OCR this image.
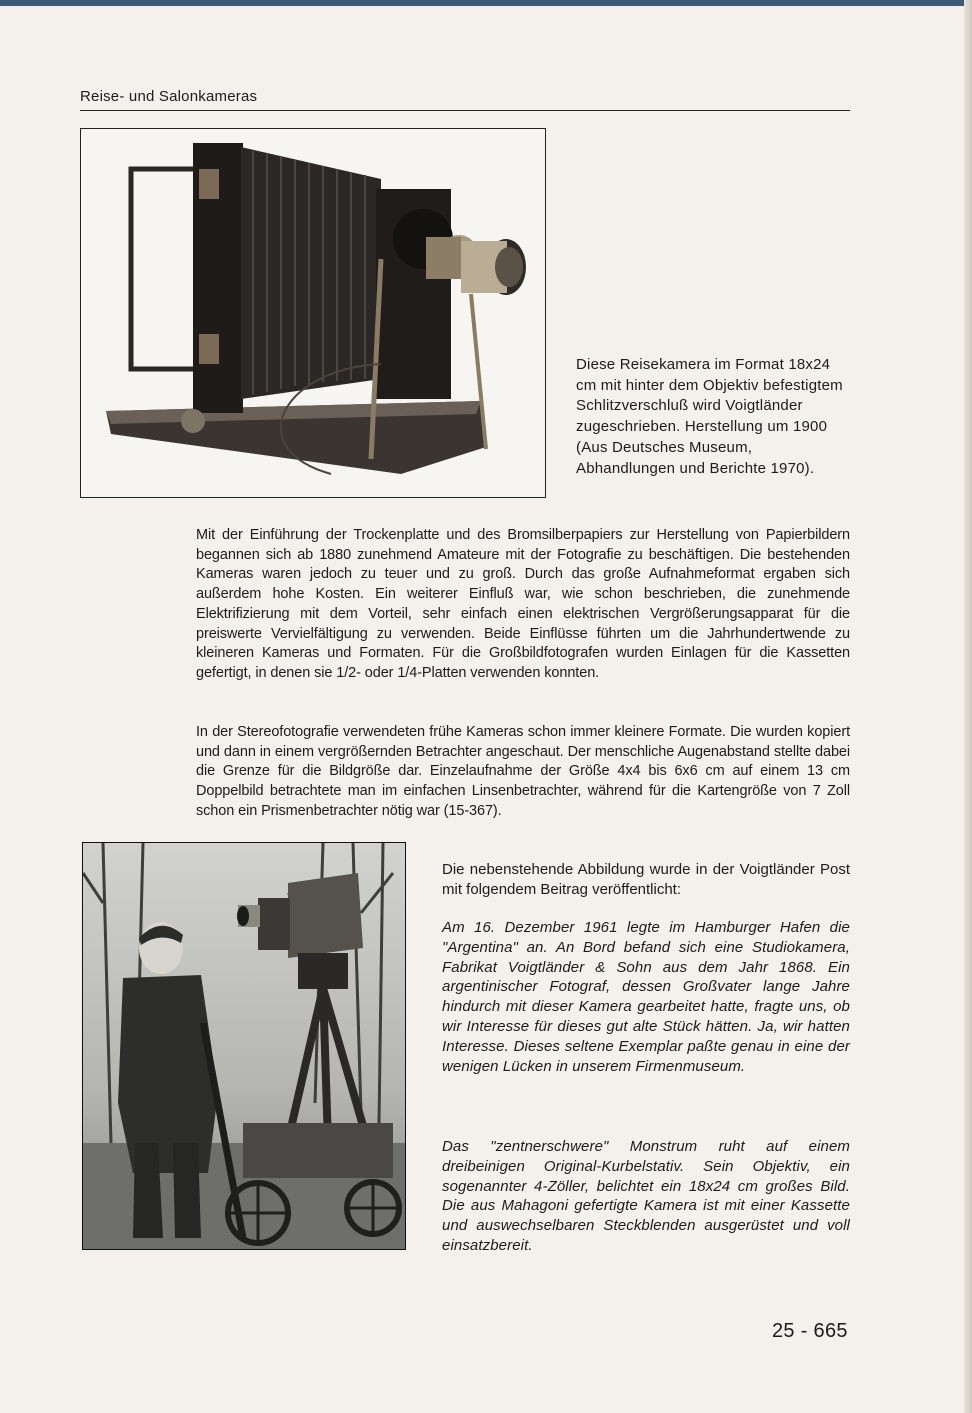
Reise- und Salonkameras
Diese Reisekamera im Format 18x24 cm mit hinter dem Objektiv befestigtem Schlitzverschluß wird Voigtländer zugeschrieben. Herstellung um 1900 (Aus Deutsches Museum, Abhandlungen und Berichte 1970).
Mit der Einführung der Trockenplatte und des Bromsilberpapiers zur Herstellung von Papierbildern begannen sich ab 1880 zunehmend Amateure mit der Fotografie zu beschäftigen. Die bestehenden Kameras waren jedoch zu teuer und zu groß. Durch das große Aufnahmeformat ergaben sich außerdem hohe Kosten. Ein weiterer Einfluß war, wie schon beschrieben, die zunehmende Elektrifizierung mit dem Vorteil, sehr einfach einen elektrischen Vergrößerungsapparat für die preiswerte Vervielfältigung zu verwenden. Beide Einflüsse führten um die Jahrhundertwende zu kleineren Kameras und Formaten. Für die Großbildfotografen wurden Einlagen für die Kassetten gefertigt, in denen sie 1/2- oder 1/4-Platten verwenden konnten.
In der Stereofotografie verwendeten frühe Kameras schon immer kleinere Formate. Die wurden kopiert und dann in einem vergrößernden Betrachter angeschaut. Der menschliche Augenabstand stellte dabei die Grenze für die Bildgröße dar. Einzelaufnahme der Größe 4x4 bis 6x6 cm auf einem 13 cm Doppelbild betrachtete man im einfachen Linsenbetrachter, während für die Kartengröße von 7 Zoll schon ein Prismenbetrachter nötig war (15-367).
Die nebenstehende Abbildung wurde in der Voigtländer Post mit folgendem Beitrag veröffentlicht:
Am 16. Dezember 1961 legte im Hamburger Hafen die "Argentina" an. An Bord befand sich eine Studiokamera, Fabrikat Voigtländer & Sohn aus dem Jahr 1868. Ein argentinischer Fotograf, dessen Großvater lange Jahre hindurch mit dieser Kamera gearbeitet hatte, fragte uns, ob wir Interesse für dieses gut alte Stück hätten. Ja, wir hatten Interesse. Dieses seltene Exemplar paßte genau in eine der wenigen Lücken in unserem Firmenmuseum.
Das "zentnerschwere" Monstrum ruht auf einem dreibeinigen Original-Kurbelstativ. Sein Objektiv, ein sogenannter 4-Zöller, belichtet ein 18x24 cm großes Bild. Die aus Mahagoni gefertigte Kamera ist mit einer Kassette und auswechselbaren Steckblenden ausgerüstet und voll einsatzbereit.
25 - 665
